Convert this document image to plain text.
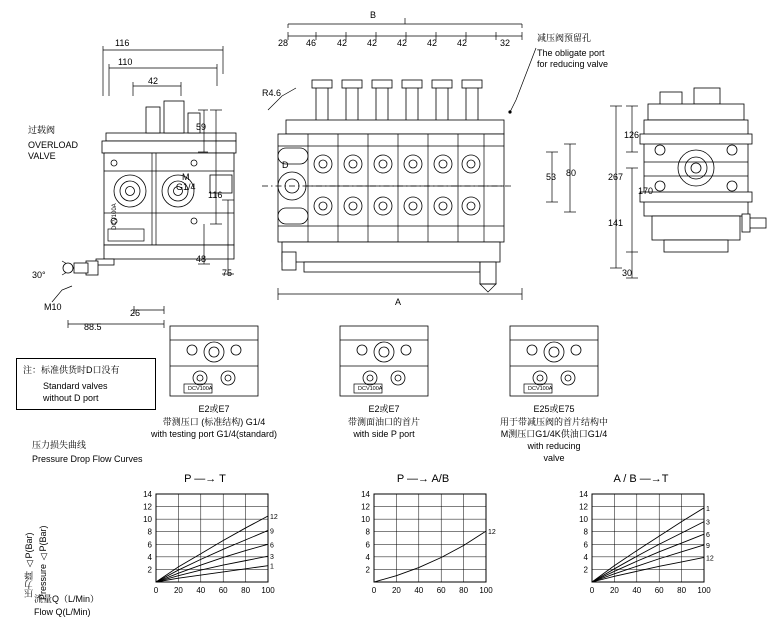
B
28 46 42 42 42 42 42	32	减压阀预留孔
The obligate port
for reducing valve
过载阀
OVERLOAD
VALVE
116
110
42
DCV100A
59
116
48
75
M
G1/4
30°
M10
88.5
26
注：标准供货时D口没有
Standard valves
without D port
R4.6
D
53 80
A
126
267
170
141
30
DCV100A
E2或E7
带测压口 (标准结构) G1/4
with testing port G1/4(standard)
DCV100A
E2或E7
带测面油口的首片
with side P port
DCV100A
E25或E75
用于带减压阀的首片结构中
M测压口G1/4K供油口G1/4
with reducing
valve
压力损失曲线
Pressure Drop Flow Curves
压力降 △P(Bar) Pressure △P(Bar)
流量Q（L/Min）
Flow Q(L/Min)
P —→ T
2
4
6
8
10
12
14
0 20 40 60 80 100
12
9
6
3
1
P —→ A/B
2
4
6
8
10
12
14
0 20 40 60 80 100
12
A / B —→T
2
4
6
8
10
12
14
0 20 40 60 80 100
1
3
6
9
12
